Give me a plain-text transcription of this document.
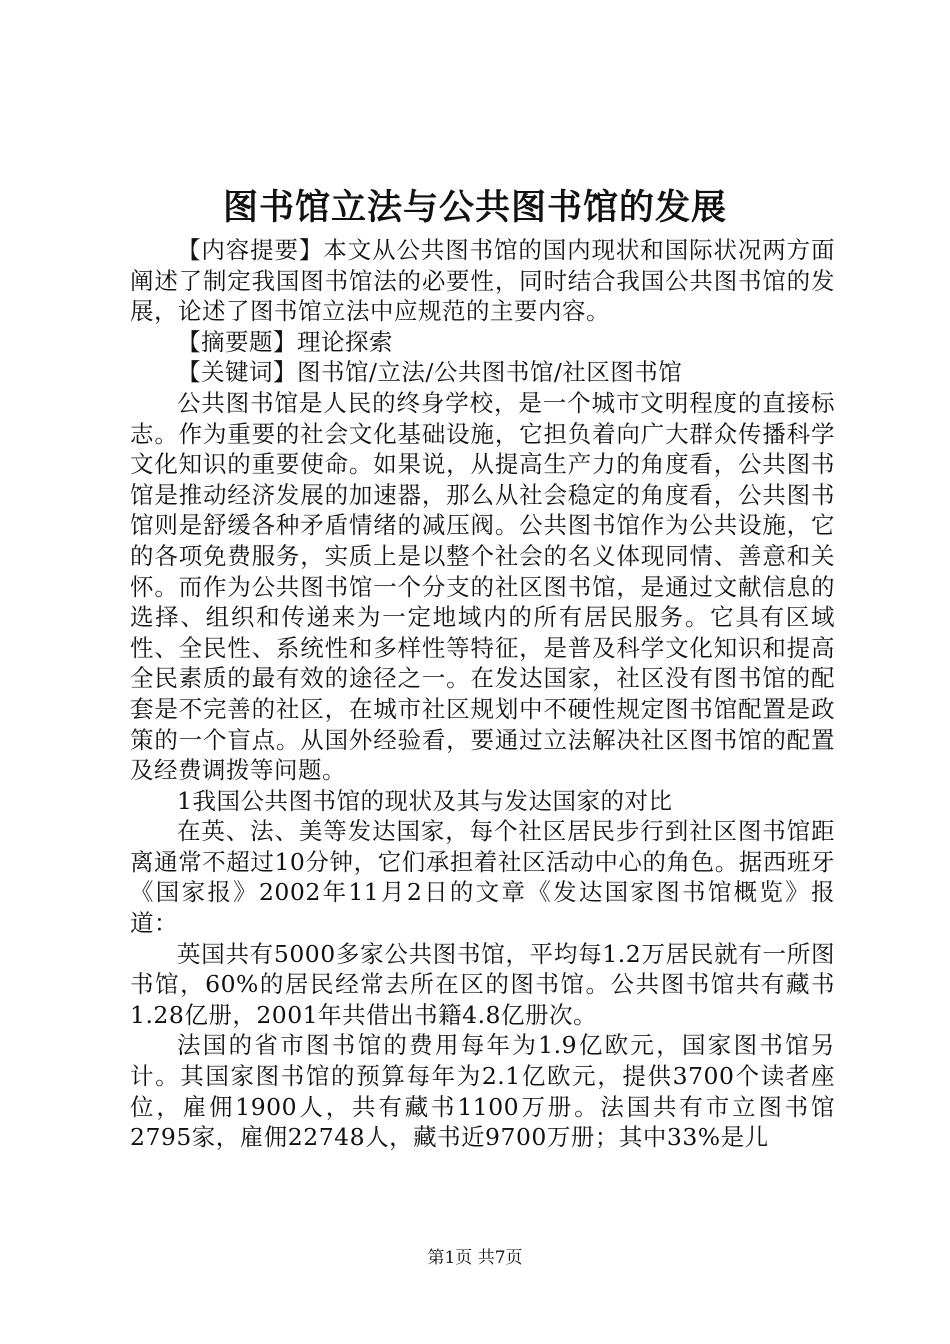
图书馆立法与公共图书馆的发展

【内容提要】本文从公共图书馆的国内现状和国际状况两方面阐述了制定我国图书馆法的必要性，同时结合我国公共图书馆的发展，论述了图书馆立法中应规范的主要内容。

【摘要题】理论探索

【关键词】图书馆/立法/公共图书馆/社区图书馆

公共图书馆是人民的终身学校，是一个城市文明程度的直接标志。作为重要的社会文化基础设施，它担负着向广大群众传播科学文化知识的重要使命。如果说，从提高生产力的角度看，公共图书馆是推动经济发展的加速器，那么从社会稳定的角度看，公共图书馆则是舒缓各种矛盾情绪的减压阀。公共图书馆作为公共设施，它的各项免费服务，实质上是以整个社会的名义体现同情、善意和关怀。而作为公共图书馆一个分支的社区图书馆，是通过文献信息的选择、组织和传递来为一定地域内的所有居民服务。它具有区域性、全民性、系统性和多样性等特征，是普及科学文化知识和提高全民素质的最有效的途径之一。在发达国家，社区没有图书馆的配套是不完善的社区，在城市社区规划中不硬性规定图书馆配置是政策的一个盲点。从国外经验看，要通过立法解决社区图书馆的配置及经费调拨等问题。

1我国公共图书馆的现状及其与发达国家的对比

在英、法、美等发达国家，每个社区居民步行到社区图书馆距离通常不超过10分钟，它们承担着社区活动中心的角色。据西班牙《国家报》2002年11月2日的文章《发达国家图书馆概览》报道：

英国共有5000多家公共图书馆，平均每1.2万居民就有一所图书馆，60%的居民经常去所在区的图书馆。公共图书馆共有藏书1.28亿册，2001年共借出书籍4.8亿册次。

法国的省市图书馆的费用每年为1.9亿欧元，国家图书馆另计。其国家图书馆的预算每年为2.1亿欧元，提供3700个读者座位，雇佣1900人，共有藏书1100万册。法国共有市立图书馆2795家，雇佣22748人，藏书近9700万册；其中33%是儿

第1页 共7页
